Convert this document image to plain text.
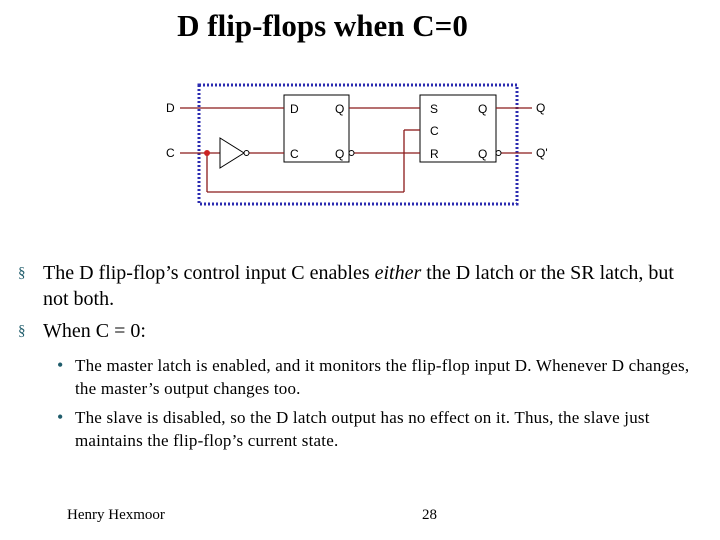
D flip-flops when C=0
D
C
D
C
Q
Q
S
C
R
Q
Q
Q
Q'
§ The D flip-flop’s control input C enables either the D latch or the SR latch, but not both.
§ When C = 0:
• The master latch is enabled, and it monitors the flip-flop input D. Whenever D changes, the master’s output changes too.
• The slave is disabled, so the D latch output has no effect on it. Thus, the slave just maintains the flip-flop’s current state.
Henry Hexmoor	28
